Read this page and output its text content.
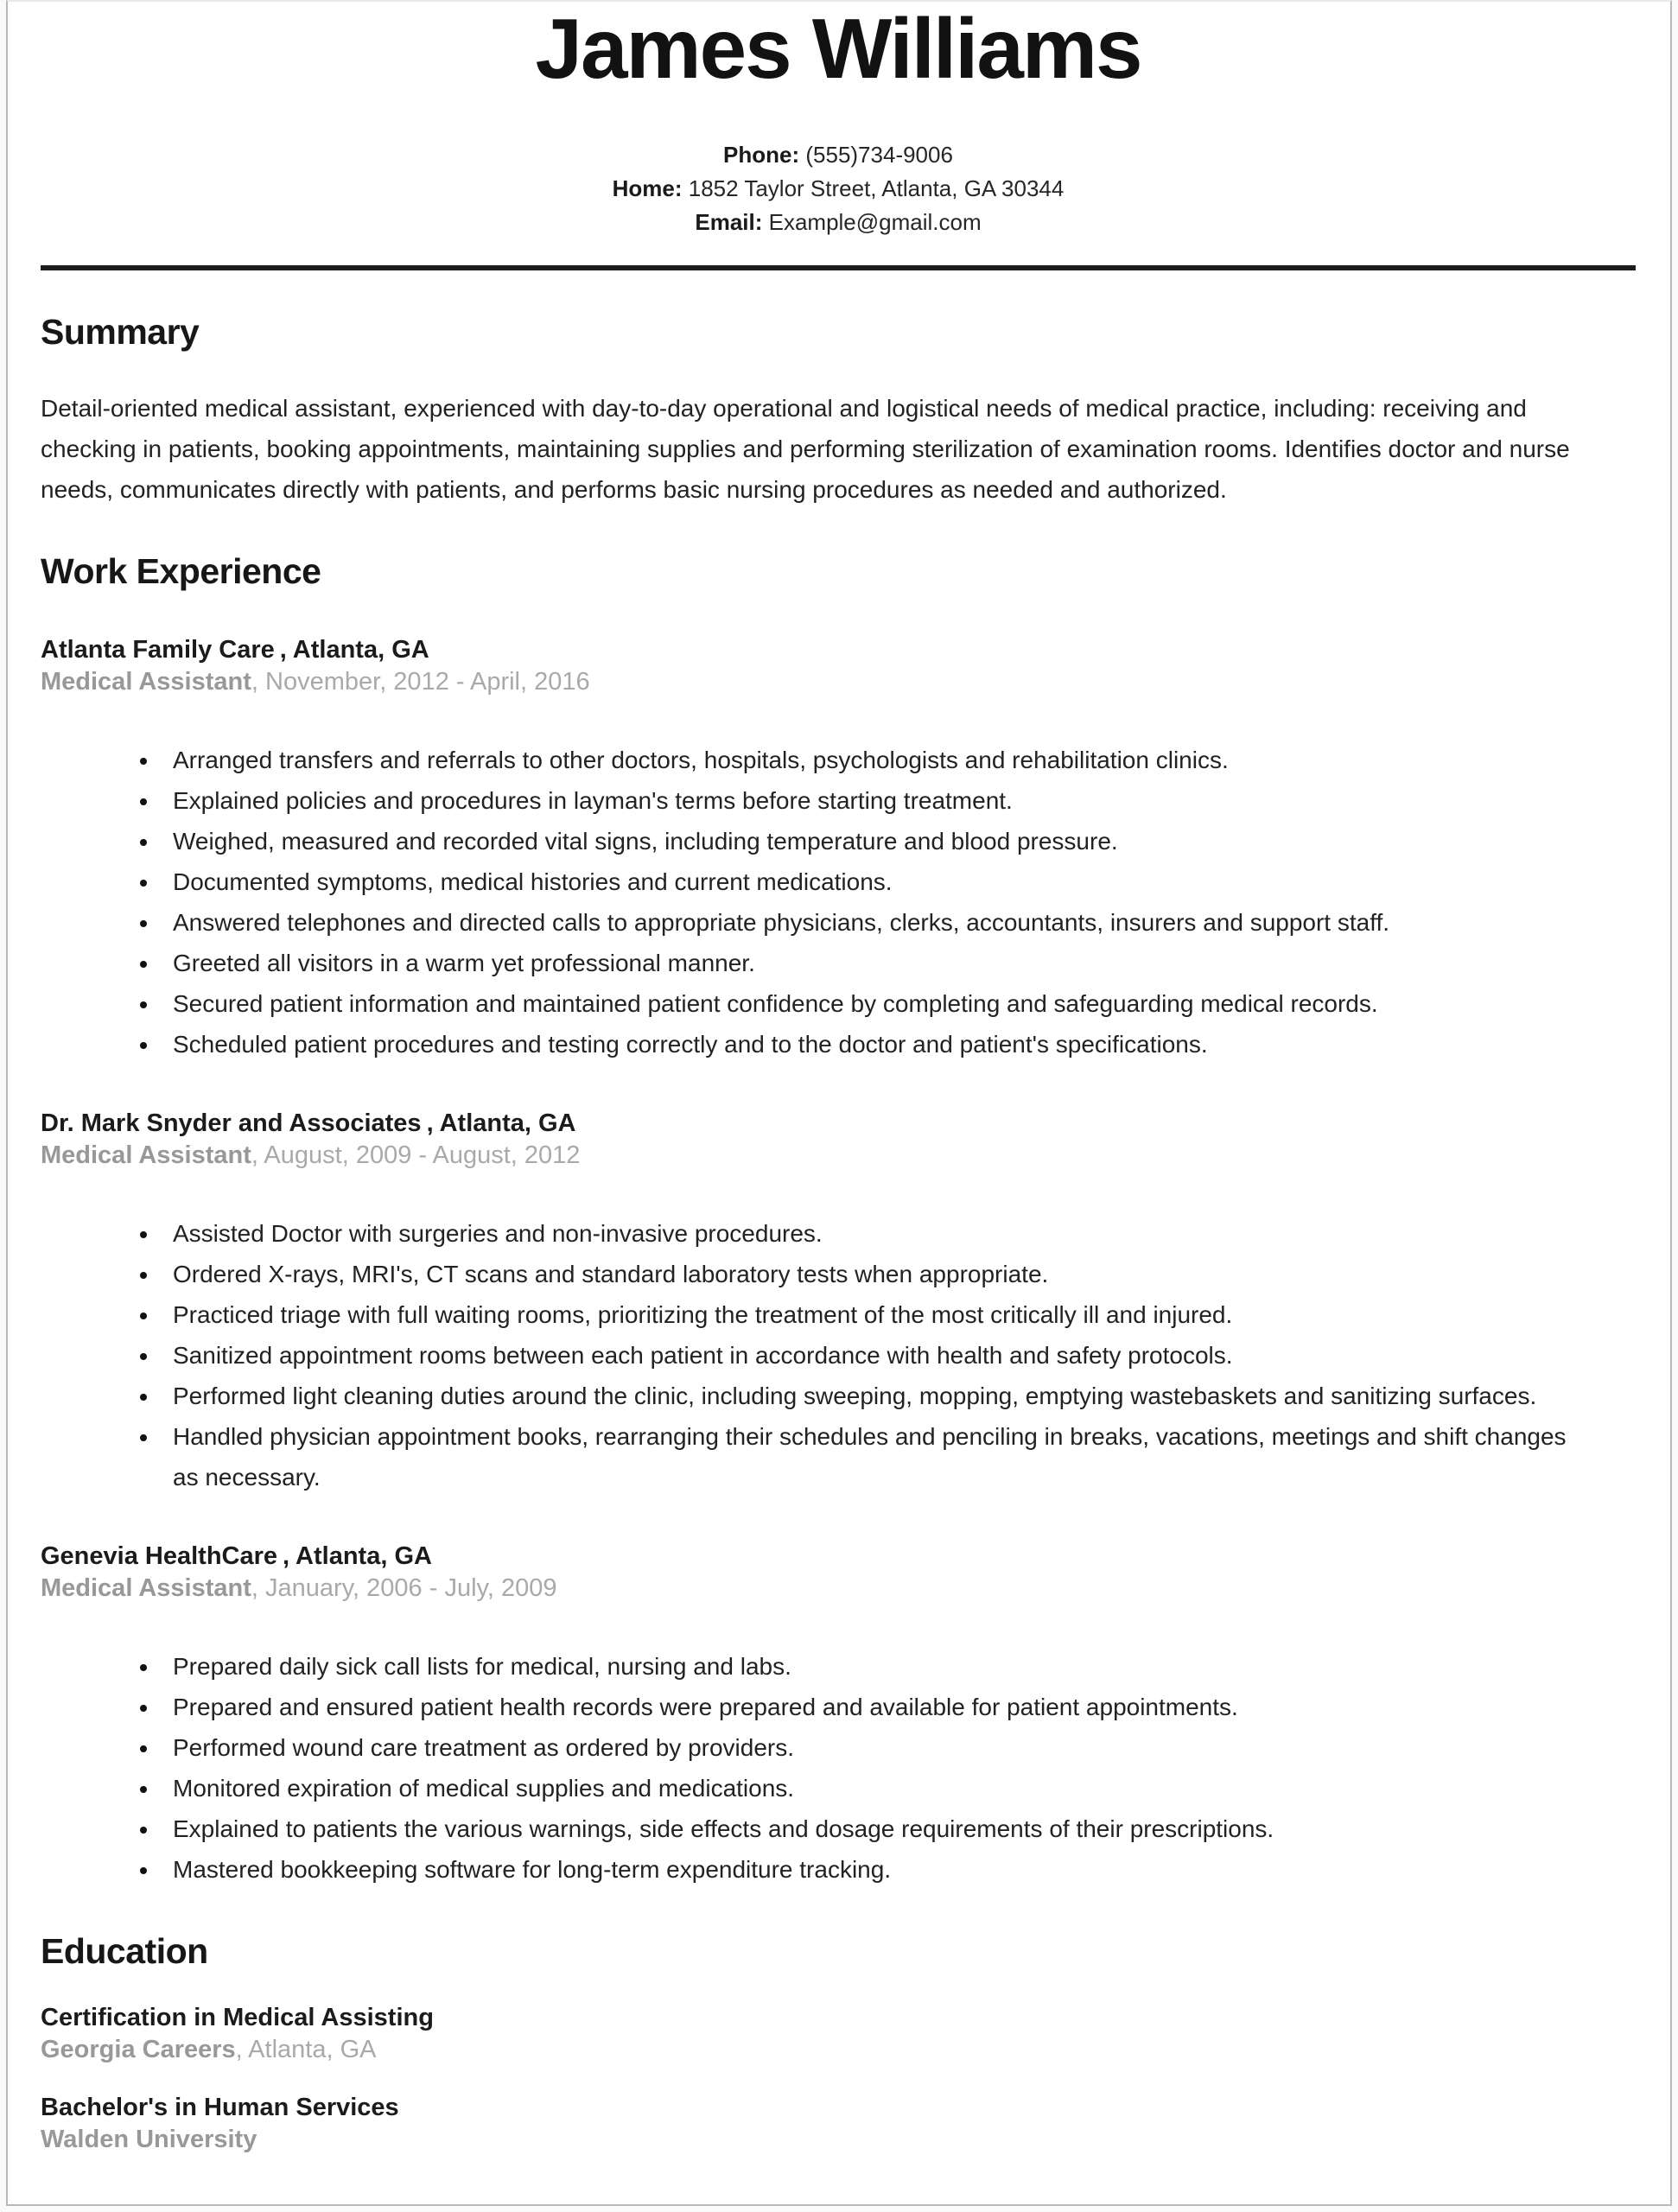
James Williams
Phone: (555)734-9006
Home: 1852 Taylor Street, Atlanta, GA 30344
Email: Example@gmail.com
Summary

Detail-oriented medical assistant, experienced with day-to-day operational and logistical needs of medical practice, including: receiving and checking in patients, booking appointments, maintaining supplies and performing sterilization of examination rooms. Identifies doctor and nurse needs, communicates directly with patients, and performs basic nursing procedures as needed and authorized.

Work Experience
Atlanta Family Care , Atlanta, GA

Medical Assistant, November, 2012 - April, 2016

• Arranged transfers and referrals to other doctors, hospitals, psychologists and rehabilitation clinics.
• Explained policies and procedures in layman's terms before starting treatment.
• Weighed, measured and recorded vital signs, including temperature and blood pressure.
• Documented symptoms, medical histories and current medications.
• Answered telephones and directed calls to appropriate physicians, clerks, accountants, insurers and support staff.
• Greeted all visitors in a warm yet professional manner.
• Secured patient information and maintained patient confidence by completing and safeguarding medical records.
• Scheduled patient procedures and testing correctly and to the doctor and patient's specifications.
Dr. Mark Snyder and Associates , Atlanta, GA

Medical Assistant, August, 2009 - August, 2012

• Assisted Doctor with surgeries and non-invasive procedures.
• Ordered X-rays, MRI's, CT scans and standard laboratory tests when appropriate.
• Practiced triage with full waiting rooms, prioritizing the treatment of the most critically ill and injured.
• Sanitized appointment rooms between each patient in accordance with health and safety protocols.
• Performed light cleaning duties around the clinic, including sweeping, mopping, emptying wastebaskets and sanitizing surfaces.
• Handled physician appointment books, rearranging their schedules and penciling in breaks, vacations, meetings and shift changes as necessary.
Genevia HealthCare , Atlanta, GA

Medical Assistant, January, 2006 - July, 2009

• Prepared daily sick call lists for medical, nursing and labs.
• Prepared and ensured patient health records were prepared and available for patient appointments.
• Performed wound care treatment as ordered by providers.
• Monitored expiration of medical supplies and medications.
• Explained to patients the various warnings, side effects and dosage requirements of their prescriptions.
• Mastered bookkeeping software for long-term expenditure tracking.
Education
Certification in Medical Assisting

Georgia Careers, Atlanta, GA

Bachelor's in Human Services

Walden University
